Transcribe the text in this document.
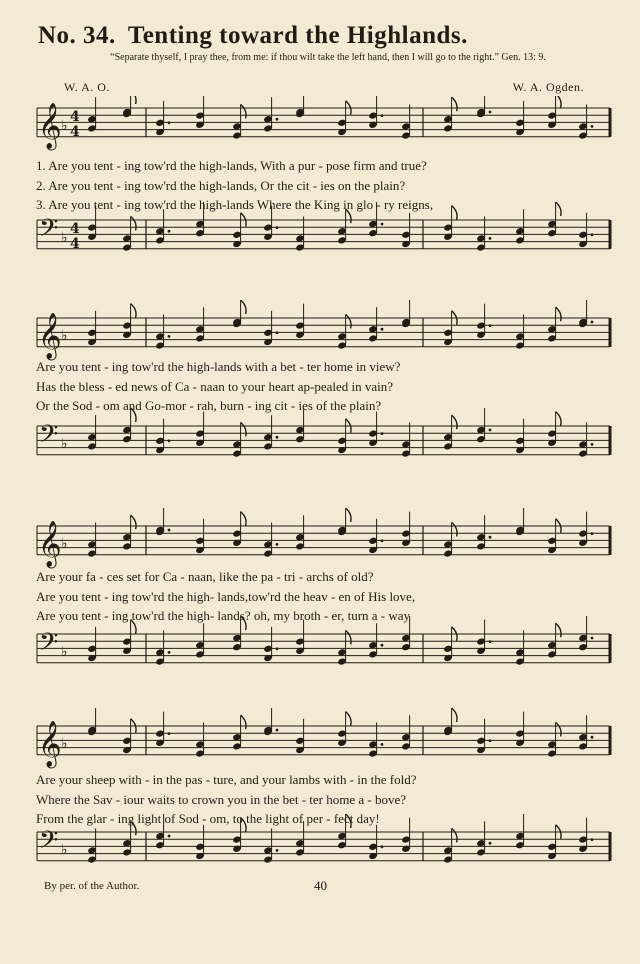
No. 34. Tenting toward the Highlands.
“Separate thyself, I pray thee, from me: if thou wilt take the left hand, then I will go to the right.” Gen. 13: 9.
W. A. O.	W. A. Ogden.
𝄞 ♭
4
4
𝄢 ♭
4
4
1. Are you tent - ing tow'rd the high-lands, With a pur - pose firm and true?
2. Are you tent - ing tow'rd the high-lands, Or the cit - ies on the plain?
3. Are you tent - ing tow'rd the high-lands Where the King in glo - ry reigns,
𝄞 ♭
𝄢 ♭
Are you tent - ing tow'rd the high-lands with a bet - ter home in view?
Has the bless - ed news of Ca - naan to your heart ap-pealed in vain?
Or the Sod - om and Go-mor - rah, burn - ing cit - ies of the plain?
𝄞 ♭
𝄢 ♭
Are your fa - ces set for Ca - naan, like the pa - tri - archs of old?
Are you tent - ing tow'rd the high- lands,tow'rd the heav - en of His love,
Are you tent - ing tow'rd the high- lands? oh, my broth - er, turn a - way
𝄞 ♭
𝄢 ♭
Are your sheep with - in the pas - ture, and your lambs with - in the fold?
Where the Sav - iour waits to crown you in the bet - ter home a - bove?
From the glar - ing light of Sod - om, to the light of per - fect day!
By per. of the Author.	40
